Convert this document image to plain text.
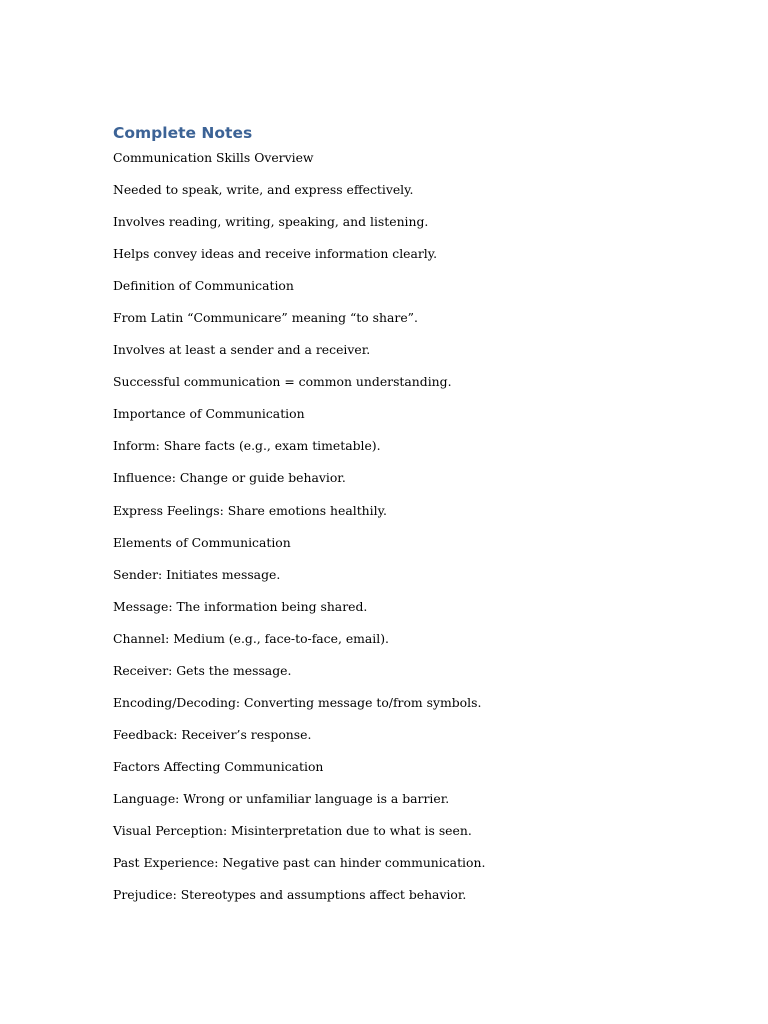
Complete Notes
Communication Skills Overview
Needed to speak, write, and express effectively.
Involves reading, writing, speaking, and listening.
Helps convey ideas and receive information clearly.
Definition of Communication
From Latin “Communicare” meaning “to share”.
Involves at least a sender and a receiver.
Successful communication = common understanding.
Importance of Communication
Inform: Share facts (e.g., exam timetable).
Influence: Change or guide behavior.
Express Feelings: Share emotions healthily.
Elements of Communication
Sender: Initiates message.
Message: The information being shared.
Channel: Medium (e.g., face-to-face, email).
Receiver: Gets the message.
Encoding/Decoding: Converting message to/from symbols.
Feedback: Receiver’s response.
Factors Affecting Communication
Language: Wrong or unfamiliar language is a barrier.
Visual Perception: Misinterpretation due to what is seen.
Past Experience: Negative past can hinder communication.
Prejudice: Stereotypes and assumptions affect behavior.
